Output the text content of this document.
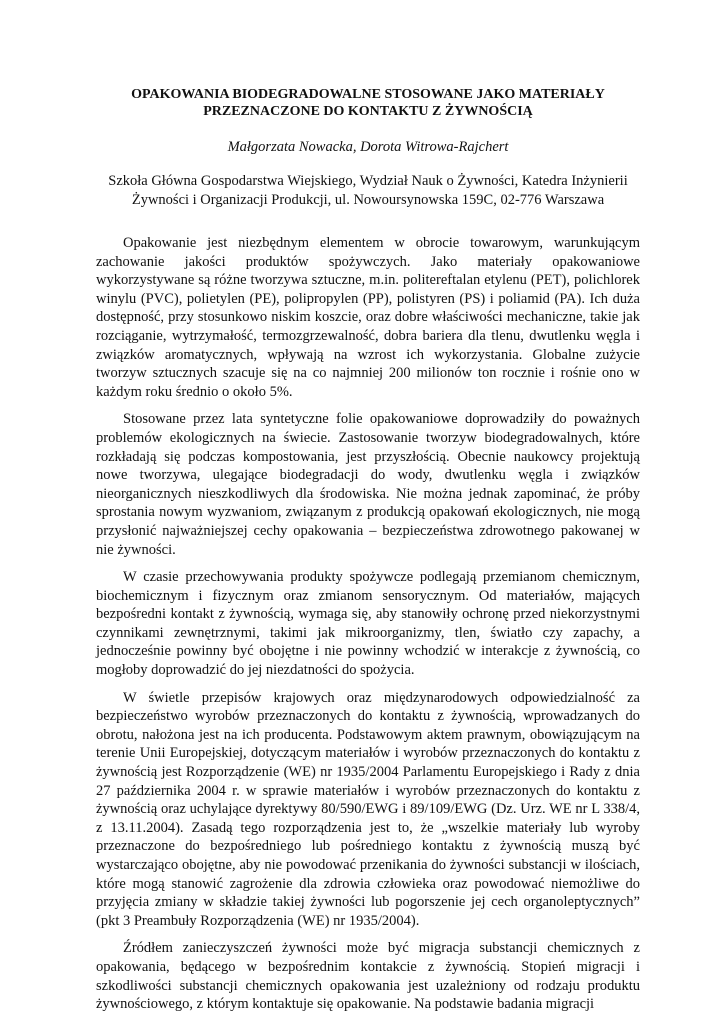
OPAKOWANIA BIODEGRADOWALNE STOSOWANE JAKO MATERIAŁY PRZEZNACZONE DO KONTAKTU Z ŻYWNOŚCIĄ

Małgorzata Nowacka, Dorota Witrowa-Rajchert

Szkoła Główna Gospodarstwa Wiejskiego, Wydział Nauk o Żywności, Katedra Inżynierii Żywności i Organizacji Produkcji, ul. Nowoursynowska 159C, 02-776 Warszawa

Opakowanie jest niezbędnym elementem w obrocie towarowym, warunkującym zachowanie jakości produktów spożywczych. Jako materiały opakowaniowe wykorzystywane są różne tworzywa sztuczne, m.in. politereftalan etylenu (PET), polichlorek winylu (PVC), polietylen (PE), polipropylen (PP), polistyren (PS) i poliamid (PA). Ich duża dostępność, przy stosunkowo niskim koszcie, oraz dobre właściwości mechaniczne, takie jak rozciąganie, wytrzymałość, termozgrzewalność, dobra bariera dla tlenu, dwutlenku węgla i związków aromatycznych, wpływają na wzrost ich wykorzystania. Globalne zużycie tworzyw sztucznych szacuje się na co najmniej 200 milionów ton rocznie i rośnie ono w każdym roku średnio o około 5%.

Stosowane przez lata syntetyczne folie opakowaniowe doprowadziły do poważnych problemów ekologicznych na świecie. Zastosowanie tworzyw biodegradowalnych, które rozkładają się podczas kompostowania, jest przyszłością. Obecnie naukowcy projektują nowe tworzywa, ulegające biodegradacji do wody, dwutlenku węgla i związków nieorganicznych nieszkodliwych dla środowiska. Nie można jednak zapominać, że próby sprostania nowym wyzwaniom, związanym z produkcją opakowań ekologicznych, nie mogą przysłonić najważniejszej cechy opakowania – bezpieczeństwa zdrowotnego pakowanej w nie żywności.

W czasie przechowywania produkty spożywcze podlegają przemianom chemicznym, biochemicznym i fizycznym oraz zmianom sensorycznym. Od materiałów, mających bezpośredni kontakt z żywnością, wymaga się, aby stanowiły ochronę przed niekorzystnymi czynnikami zewnętrznymi, takimi jak mikroorganizmy, tlen, światło czy zapachy, a jednocześnie powinny być obojętne i nie powinny wchodzić w interakcje z żywnością, co mogłoby doprowadzić do jej niezdatności do spożycia.

W świetle przepisów krajowych oraz międzynarodowych odpowiedzialność za bezpieczeństwo wyrobów przeznaczonych do kontaktu z żywnością, wprowadzanych do obrotu, nałożona jest na ich producenta. Podstawowym aktem prawnym, obowiązującym na terenie Unii Europejskiej, dotyczącym materiałów i wyrobów przeznaczonych do kontaktu z żywnością jest Rozporządzenie (WE) nr 1935/2004 Parlamentu Europejskiego i Rady z dnia 27 października 2004 r. w sprawie materiałów i wyrobów przeznaczonych do kontaktu z żywnością oraz uchylające dyrektywy 80/590/EWG i 89/109/EWG (Dz. Urz. WE nr L 338/4, z 13.11.2004). Zasadą tego rozporządzenia jest to, że „wszelkie materiały lub wyroby przeznaczone do bezpośredniego lub pośredniego kontaktu z żywnością muszą być wystarczająco obojętne, aby nie powodować przenikania do żywności substancji w ilościach, które mogą stanowić zagrożenie dla zdrowia człowieka oraz powodować niemożliwe do przyjęcia zmiany w składzie takiej żywności lub pogorszenie jej cech organoleptycznych” (pkt 3 Preambuły Rozporządzenia (WE) nr 1935/2004).

Źródłem zanieczyszczeń żywności może być migracja substancji chemicznych z opakowania, będącego w bezpośrednim kontakcie z żywnością. Stopień migracji i szkodliwości substancji chemicznych opakowania jest uzależniony od rodzaju produktu żywnościowego, z którym kontaktuje się opakowanie. Na podstawie badania migracji
